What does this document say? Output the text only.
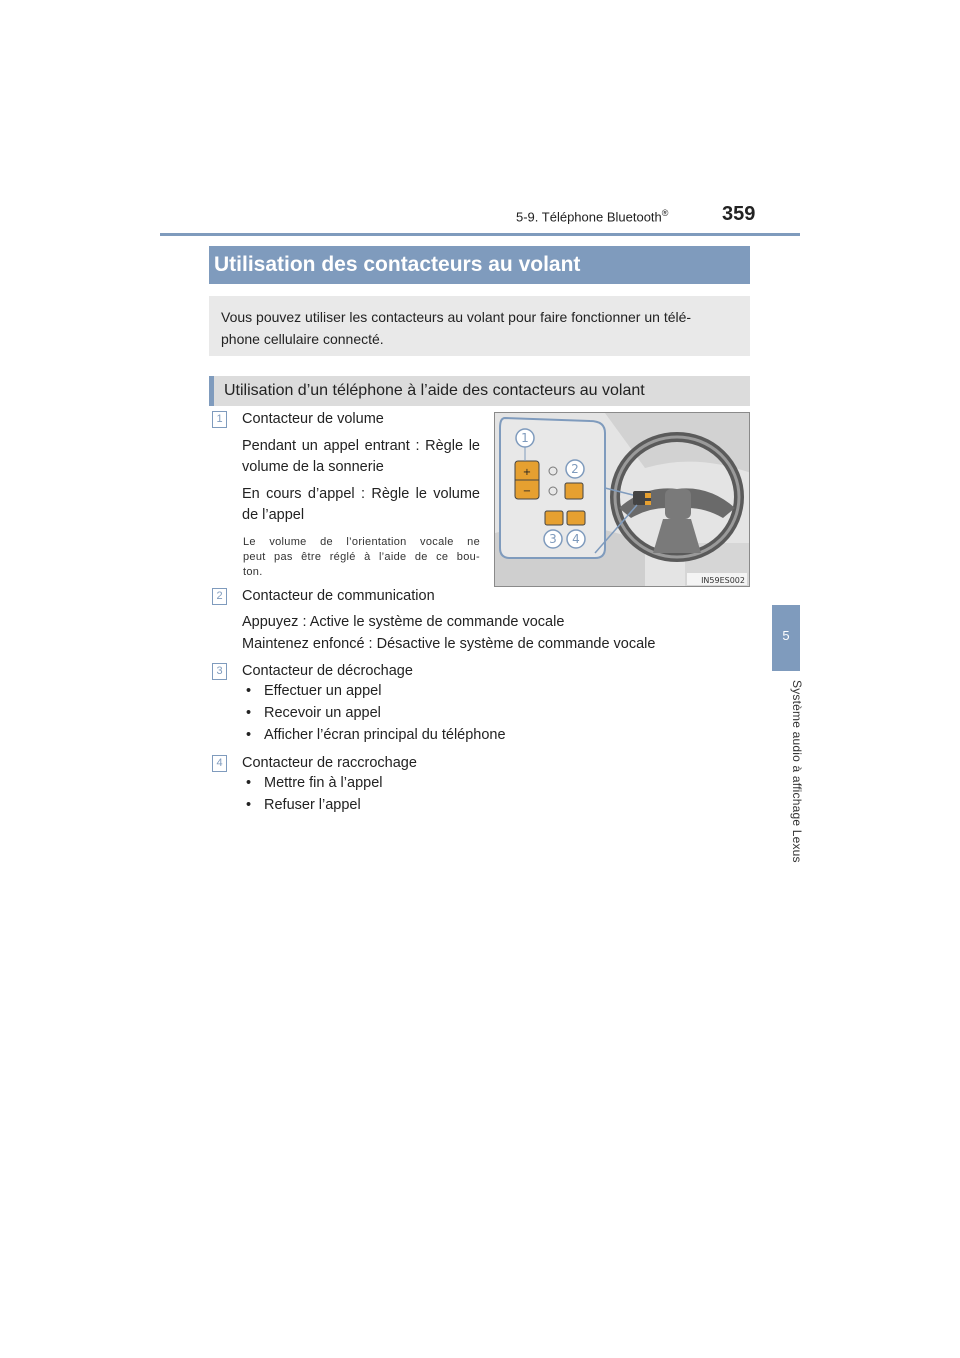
5-9. Téléphone Bluetooth®	359
5
Système audio à affichage Lexus
Utilisation des contacteurs au volant
Vous pouvez utiliser les contacteurs au volant pour faire fonctionner un télé-
phone cellulaire connecté.
Utilisation d’un téléphone à l’aide des contacteurs au volant
1	Contacteur de volume
Pendant un appel entrant : Règle le
volume de la sonnerie
En cours d’appel : Règle le volume
de l’appel
Le volume de l’orientation vocale ne
peut pas être réglé à l’aide de ce bou-
ton.
+
−
1
2
3 4
IN59ES002
2	Contacteur de communication
Appuyez : Active le système de commande vocale
Maintenez enfoncé : Désactive le système de commande vocale
3	Contacteur de décrochage
• Effectuer un appel
• Recevoir un appel
• Afficher l’écran principal du téléphone
4	Contacteur de raccrochage
• Mettre fin à l’appel
• Refuser l’appel
